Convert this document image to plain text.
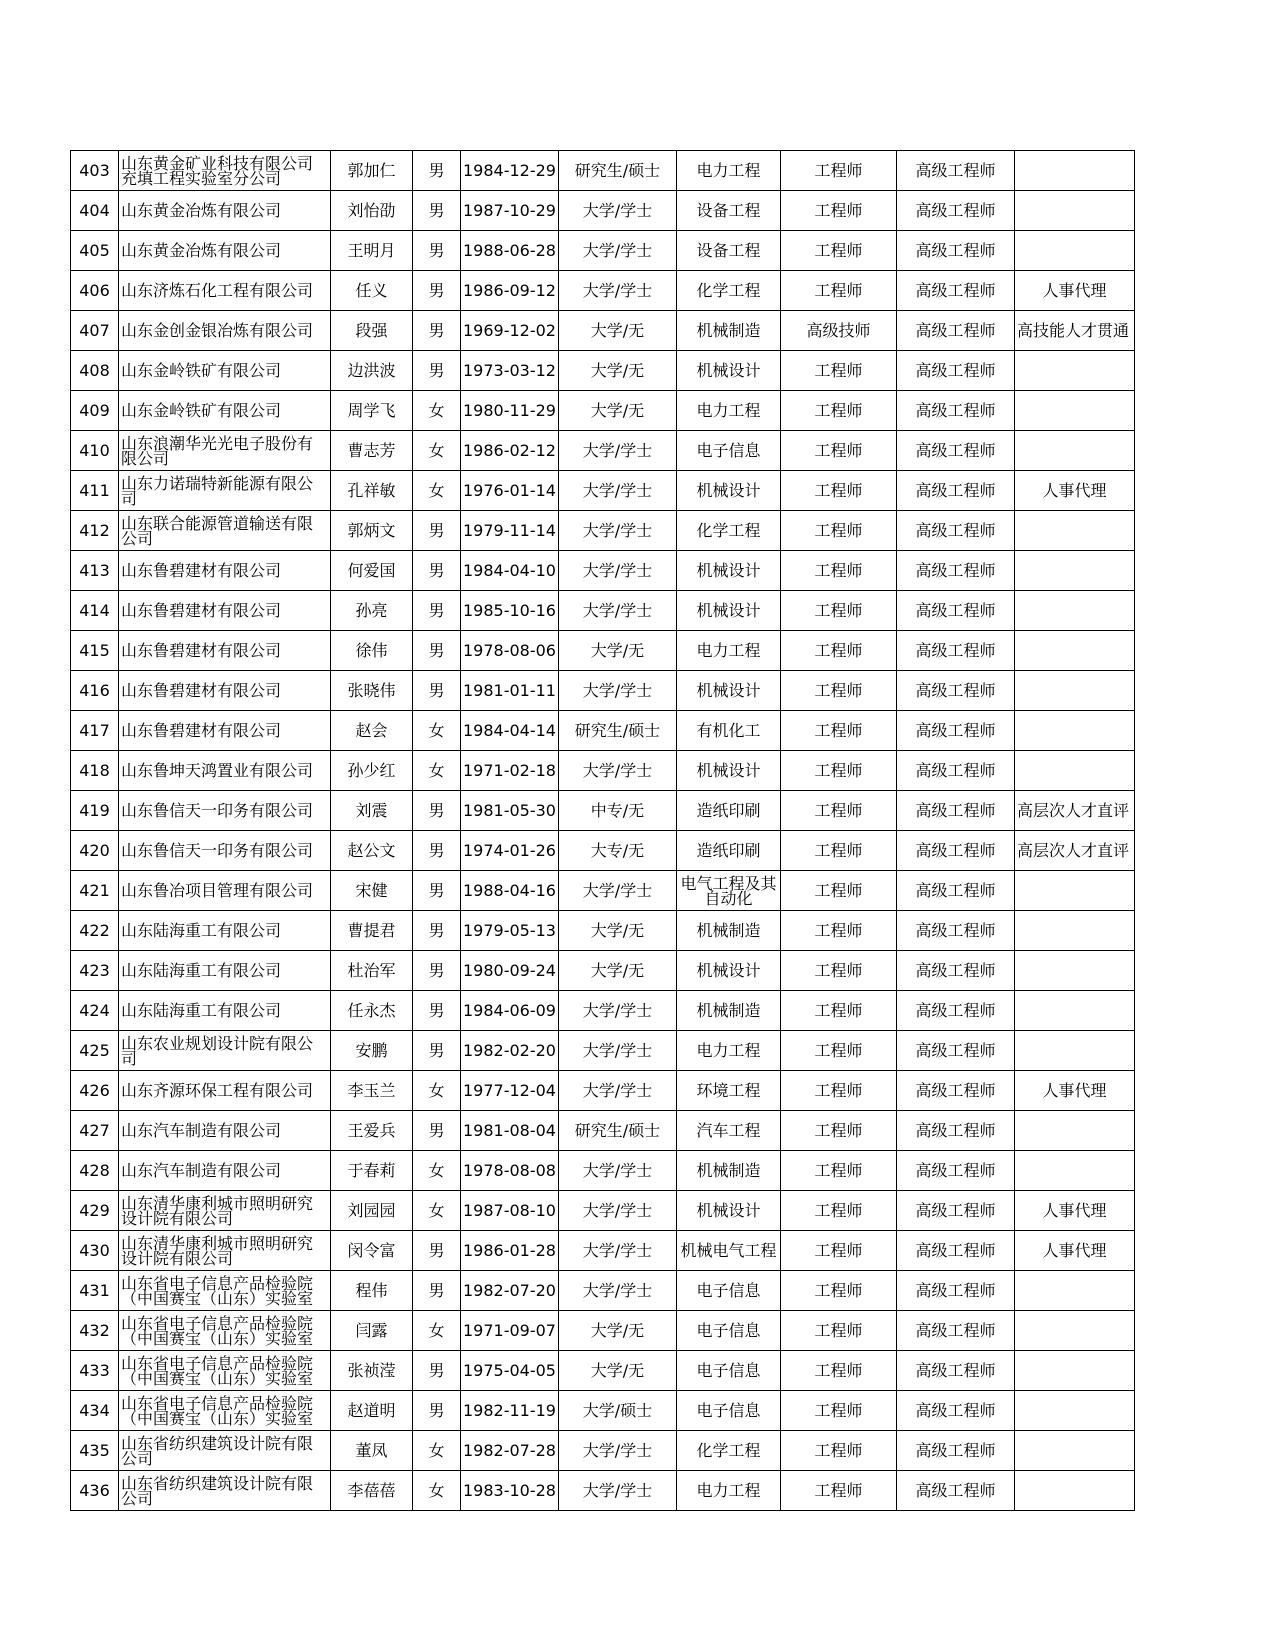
403	山东黄金矿业科技有限公司充填工程实验室分公司	郭加仁	男	1984-12-29	研究生/硕士	电力工程	工程师	高级工程师	
404	山东黄金冶炼有限公司	刘怡劭	男	1987-10-29	大学/学士	设备工程	工程师	高级工程师	
405	山东黄金冶炼有限公司	王明月	男	1988-06-28	大学/学士	设备工程	工程师	高级工程师	
406	山东济炼石化工程有限公司	任义	男	1986-09-12	大学/学士	化学工程	工程师	高级工程师	人事代理
407	山东金创金银冶炼有限公司	段强	男	1969-12-02	大学/无	机械制造	高级技师	高级工程师	高技能人才贯通
408	山东金岭铁矿有限公司	边洪波	男	1973-03-12	大学/无	机械设计	工程师	高级工程师	
409	山东金岭铁矿有限公司	周学飞	女	1980-11-29	大学/无	电力工程	工程师	高级工程师	
410	山东浪潮华光光电子股份有限公司	曹志芳	女	1986-02-12	大学/学士	电子信息	工程师	高级工程师	
411	山东力诺瑞特新能源有限公司	孔祥敏	女	1976-01-14	大学/学士	机械设计	工程师	高级工程师	人事代理
412	山东联合能源管道输送有限公司	郭炳文	男	1979-11-14	大学/学士	化学工程	工程师	高级工程师	
413	山东鲁碧建材有限公司	何爱国	男	1984-04-10	大学/学士	机械设计	工程师	高级工程师	
414	山东鲁碧建材有限公司	孙亮	男	1985-10-16	大学/学士	机械设计	工程师	高级工程师	
415	山东鲁碧建材有限公司	徐伟	男	1978-08-06	大学/无	电力工程	工程师	高级工程师	
416	山东鲁碧建材有限公司	张晓伟	男	1981-01-11	大学/学士	机械设计	工程师	高级工程师	
417	山东鲁碧建材有限公司	赵会	女	1984-04-14	研究生/硕士	有机化工	工程师	高级工程师	
418	山东鲁坤天鸿置业有限公司	孙少红	女	1971-02-18	大学/学士	机械设计	工程师	高级工程师	
419	山东鲁信天一印务有限公司	刘震	男	1981-05-30	中专/无	造纸印刷	工程师	高级工程师	高层次人才直评
420	山东鲁信天一印务有限公司	赵公文	男	1974-01-26	大专/无	造纸印刷	工程师	高级工程师	高层次人才直评
421	山东鲁冶项目管理有限公司	宋健	男	1988-04-16	大学/学士	电气工程及其自动化	工程师	高级工程师	
422	山东陆海重工有限公司	曹提君	男	1979-05-13	大学/无	机械制造	工程师	高级工程师	
423	山东陆海重工有限公司	杜治军	男	1980-09-24	大学/无	机械设计	工程师	高级工程师	
424	山东陆海重工有限公司	任永杰	男	1984-06-09	大学/学士	机械制造	工程师	高级工程师	
425	山东农业规划设计院有限公司	安鹏	男	1982-02-20	大学/学士	电力工程	工程师	高级工程师	
426	山东齐源环保工程有限公司	李玉兰	女	1977-12-04	大学/学士	环境工程	工程师	高级工程师	人事代理
427	山东汽车制造有限公司	王爱兵	男	1981-08-04	研究生/硕士	汽车工程	工程师	高级工程师	
428	山东汽车制造有限公司	于春莉	女	1978-08-08	大学/学士	机械制造	工程师	高级工程师	
429	山东清华康利城市照明研究设计院有限公司	刘园园	女	1987-08-10	大学/学士	机械设计	工程师	高级工程师	人事代理
430	山东清华康利城市照明研究设计院有限公司	闵令富	男	1986-01-28	大学/学士	机械电气工程	工程师	高级工程师	人事代理
431	山东省电子信息产品检验院（中国赛宝（山东）实验室	程伟	男	1982-07-20	大学/学士	电子信息	工程师	高级工程师	
432	山东省电子信息产品检验院（中国赛宝（山东）实验室	闫露	女	1971-09-07	大学/无	电子信息	工程师	高级工程师	
433	山东省电子信息产品检验院（中国赛宝（山东）实验室	张祯滢	男	1975-04-05	大学/无	电子信息	工程师	高级工程师	
434	山东省电子信息产品检验院（中国赛宝（山东）实验室	赵道明	男	1982-11-19	大学/硕士	电子信息	工程师	高级工程师	
435	山东省纺织建筑设计院有限公司	董凤	女	1982-07-28	大学/学士	化学工程	工程师	高级工程师	
436	山东省纺织建筑设计院有限公司	李蓓蓓	女	1983-10-28	大学/学士	电力工程	工程师	高级工程师	
